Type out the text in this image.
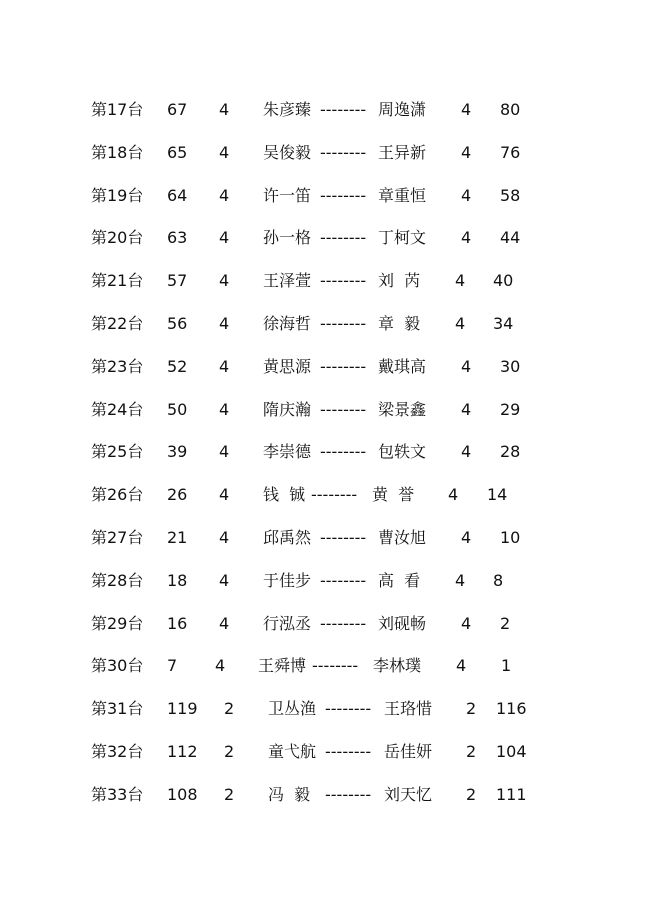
第17台 67 4 朱彦臻 -------- 周逸潇 4 80
第18台 65 4 吴俊毅 -------- 王异新 4 76
第19台 64 4 许一笛 -------- 章重恒 4 58
第20台 63 4 孙一格 -------- 丁柯文 4 44
第21台 57 4 王泽萱 -------- 刘  芮 4 40
第22台 56 4 徐海哲 -------- 章  毅 4 34
第23台 52 4 黄思源 -------- 戴琪高 4 30
第24台 50 4 隋庆瀚 -------- 梁景鑫 4 29
第25台 39 4 李崇德 -------- 包轶文 4 28
第26台 26 4 钱  铖 -------- 黄  誉 4 14
第27台 21 4 邱禹然 -------- 曹汝旭 4 10
第28台 18 4 于佳步 -------- 高  看 4 8
第29台 16 4 行泓丞 -------- 刘砚畅 4 2
第30台 7 4 王舜博 -------- 李林璞 4 1
第31台 119 2 卫丛渔 -------- 王珞惜 2 116
第32台 112 2 童弋航 -------- 岳佳妍 2 104
第33台 108 2 冯  毅 -------- 刘天忆 2 111
